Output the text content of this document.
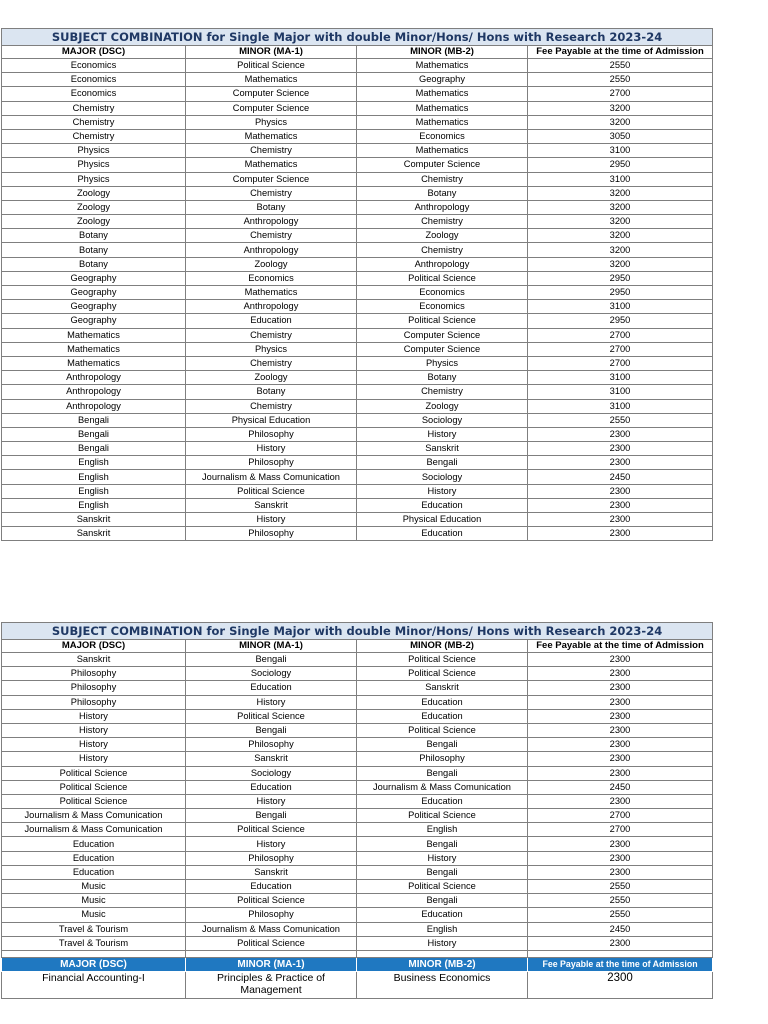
SUBJECT COMBINATION for Single Major with double Minor/Hons/ Hons with Research 2023-24			
MAJOR (DSC)	MINOR (MA-1)	MINOR (MB-2)	Fee Payable at the time of Admission
Economics	Political Science	Mathematics	2550
Economics	Mathematics	Geography	2550
Economics	Computer Science	Mathematics	2700
Chemistry	Computer Science	Mathematics	3200
Chemistry	Physics	Mathematics	3200
Chemistry	Mathematics	Economics	3050
Physics	Chemistry	Mathematics	3100
Physics	Mathematics	Computer Science	2950
Physics	Computer Science	Chemistry	3100
Zoology	Chemistry	Botany	3200
Zoology	Botany	Anthropology	3200
Zoology	Anthropology	Chemistry	3200
Botany	Chemistry	Zoology	3200
Botany	Anthropology	Chemistry	3200
Botany	Zoology	Anthropology	3200
Geography	Economics	Political Science	2950
Geography	Mathematics	Economics	2950
Geography	Anthropology	Economics	3100
Geography	Education	Political Science	2950
Mathematics	Chemistry	Computer Science	2700
Mathematics	Physics	Computer Science	2700
Mathematics	Chemistry	Physics	2700
Anthropology	Zoology	Botany	3100
Anthropology	Botany	Chemistry	3100
Anthropology	Chemistry	Zoology	3100
Bengali	Physical Education	Sociology	2550
Bengali	Philosophy	History	2300
Bengali	History	Sanskrit	2300
English	Philosophy	Bengali	2300
English	Journalism & Mass Comunication	Sociology	2450
English	Political Science	History	2300
English	Sanskrit	Education	2300
Sanskrit	History	Physical Education	2300
Sanskrit	Philosophy	Education	2300
SUBJECT COMBINATION for Single Major with double Minor/Hons/ Hons with Research 2023-24			
MAJOR (DSC)	MINOR (MA-1)	MINOR (MB-2)	Fee Payable at the time of Admission
Sanskrit	Bengali	Political Science	2300
Philosophy	Sociology	Political Science	2300
Philosophy	Education	Sanskrit	2300
Philosophy	History	Education	2300
History	Political Science	Education	2300
History	Bengali	Political Science	2300
History	Philosophy	Bengali	2300
History	Sanskrit	Philosophy	2300
Political Science	Sociology	Bengali	2300
Political Science	Education	Journalism & Mass Comunication	2450
Political Science	History	Education	2300
Journalism & Mass Comunication	Bengali	Political Science	2700
Journalism & Mass Comunication	Political Science	English	2700
Education	History	Bengali	2300
Education	Philosophy	History	2300
Education	Sanskrit	Bengali	2300
Music	Education	Political Science	2550
Music	Political Science	Bengali	2550
Music	Philosophy	Education	2550
Travel & Tourism	Journalism & Mass Comunication	English	2450
Travel & Tourism	Political Science	History	2300

MAJOR (DSC)	MINOR (MA-1)	MINOR (MB-2)	Fee Payable at the time of Admission
Financial Accounting-I	Principles & Practice of Management	Business Economics	2300
